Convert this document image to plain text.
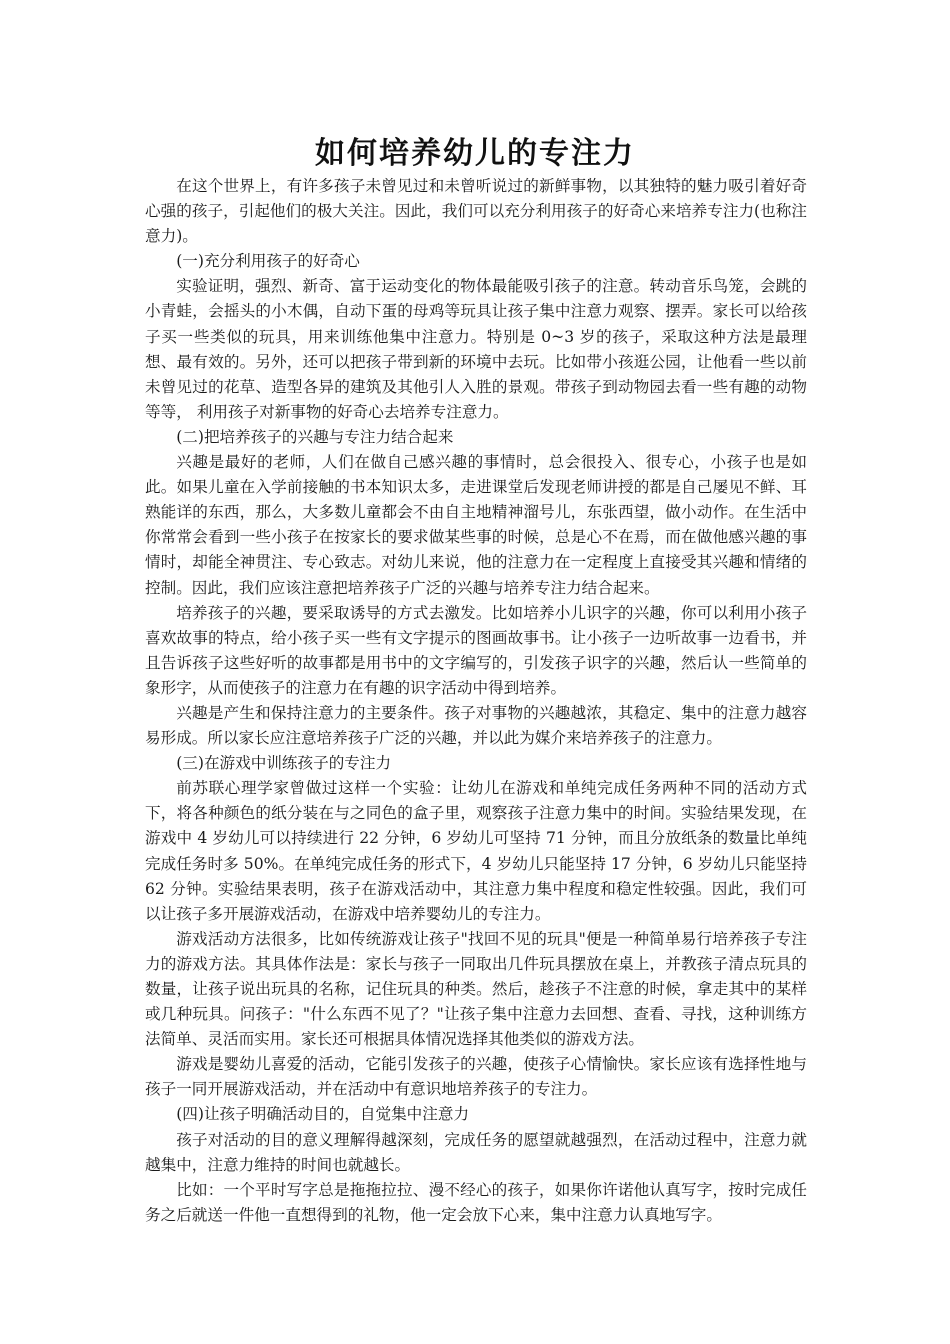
如何培养幼儿的专注力

在这个世界上，有许多孩子未曾见过和未曾听说过的新鲜事物，以其独特的魅力吸引着好奇心强的孩子，引起他们的极大关注。因此，我们可以充分利用孩子的好奇心来培养专注力(也称注意力)。

(一)充分利用孩子的好奇心

实验证明，强烈、新奇、富于运动变化的物体最能吸引孩子的注意。转动音乐鸟笼，会跳的小青蛙，会摇头的小木偶，自动下蛋的母鸡等玩具让孩子集中注意力观察、摆弄。家长可以给孩子买一些类似的玩具，用来训练他集中注意力。特别是 0~3 岁的孩子，采取这种方法是最理想、最有效的。另外，还可以把孩子带到新的环境中去玩。比如带小孩逛公园，让他看一些以前未曾见过的花草、造型各异的建筑及其他引人入胜的景观。带孩子到动物园去看一些有趣的动物等等， 利用孩子对新事物的好奇心去培养专注意力。

(二)把培养孩子的兴趣与专注力结合起来

兴趣是最好的老师，人们在做自己感兴趣的事情时，总会很投入、很专心，小孩子也是如此。如果儿童在入学前接触的书本知识太多，走进课堂后发现老师讲授的都是自己屡见不鲜、耳熟能详的东西，那么，大多数儿童都会不由自主地精神溜号儿，东张西望，做小动作。在生活中你常常会看到一些小孩子在按家长的要求做某些事的时候，总是心不在焉，而在做他感兴趣的事情时，却能全神贯注、专心致志。对幼儿来说，他的注意力在一定程度上直接受其兴趣和情绪的控制。因此，我们应该注意把培养孩子广泛的兴趣与培养专注力结合起来。

培养孩子的兴趣，要采取诱导的方式去激发。比如培养小儿识字的兴趣，你可以利用小孩子喜欢故事的特点，给小孩子买一些有文字提示的图画故事书。让小孩子一边听故事一边看书，并且告诉孩子这些好听的故事都是用书中的文字编写的，引发孩子识字的兴趣，然后认一些简单的象形字，从而使孩子的注意力在有趣的识字活动中得到培养。

兴趣是产生和保持注意力的主要条件。孩子对事物的兴趣越浓，其稳定、集中的注意力越容易形成。所以家长应注意培养孩子广泛的兴趣，并以此为媒介来培养孩子的注意力。

(三)在游戏中训练孩子的专注力

前苏联心理学家曾做过这样一个实验：让幼儿在游戏和单纯完成任务两种不同的活动方式下，将各种颜色的纸分装在与之同色的盒子里，观察孩子注意力集中的时间。实验结果发现，在游戏中 4 岁幼儿可以持续进行 22 分钟，6 岁幼儿可坚持 71 分钟，而且分放纸条的数量比单纯完成任务时多 50%。在单纯完成任务的形式下，4 岁幼儿只能坚持 17 分钟，6 岁幼儿只能坚持 62 分钟。实验结果表明，孩子在游戏活动中，其注意力集中程度和稳定性较强。因此，我们可以让孩子多开展游戏活动，在游戏中培养婴幼儿的专注力。

游戏活动方法很多，比如传统游戏让孩子"找回不见的玩具"便是一种简单易行培养孩子专注力的游戏方法。其具体作法是：家长与孩子一同取出几件玩具摆放在桌上，并教孩子清点玩具的数量，让孩子说出玩具的名称，记住玩具的种类。然后，趁孩子不注意的时候，拿走其中的某样或几种玩具。问孩子："什么东西不见了？"让孩子集中注意力去回想、查看、寻找，这种训练方法简单、灵活而实用。家长还可根据具体情况选择其他类似的游戏方法。

游戏是婴幼儿喜爱的活动，它能引发孩子的兴趣，使孩子心情愉快。家长应该有选择性地与孩子一同开展游戏活动，并在活动中有意识地培养孩子的专注力。

(四)让孩子明确活动目的，自觉集中注意力

孩子对活动的目的意义理解得越深刻，完成任务的愿望就越强烈，在活动过程中，注意力就越集中，注意力维持的时间也就越长。

比如：一个平时写字总是拖拖拉拉、漫不经心的孩子，如果你许诺他认真写字，按时完成任务之后就送一件他一直想得到的礼物，他一定会放下心来，集中注意力认真地写字。
